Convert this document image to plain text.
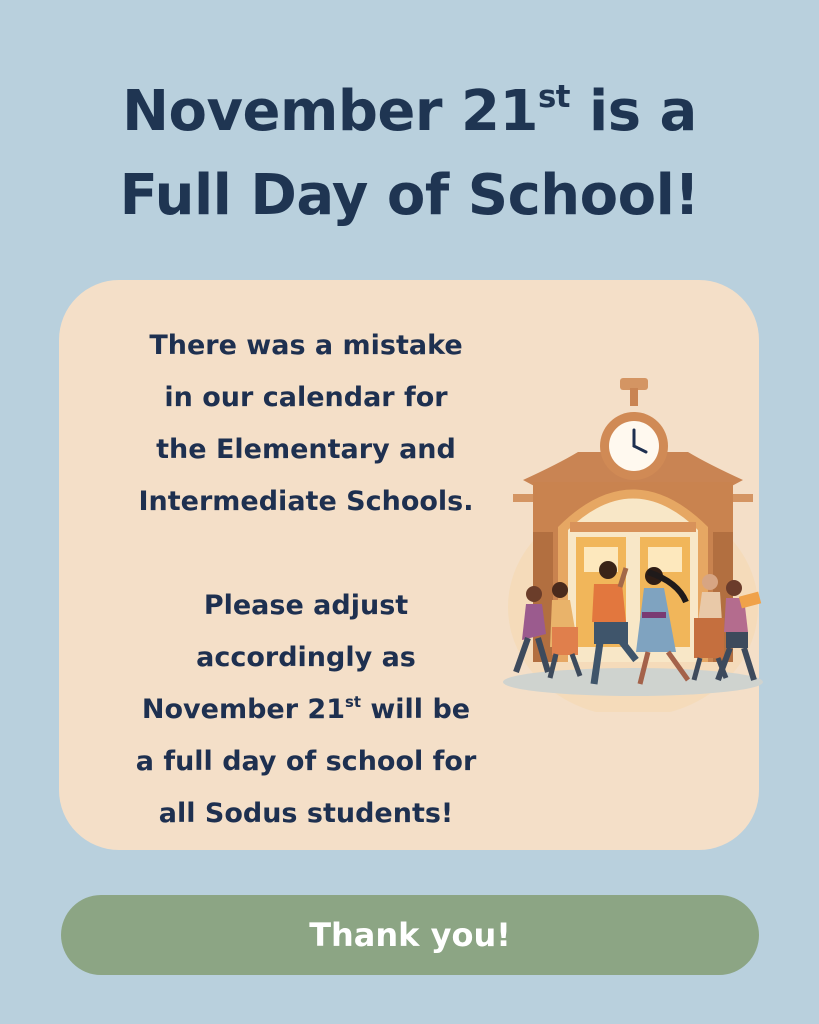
November 21st is a
Full Day of School!

There was a mistake
in our calendar for
the Elementary and
Intermediate Schools.

Please adjust
accordingly as
November 21st will be
a full day of school for
all Sodus students!

Thank you!
